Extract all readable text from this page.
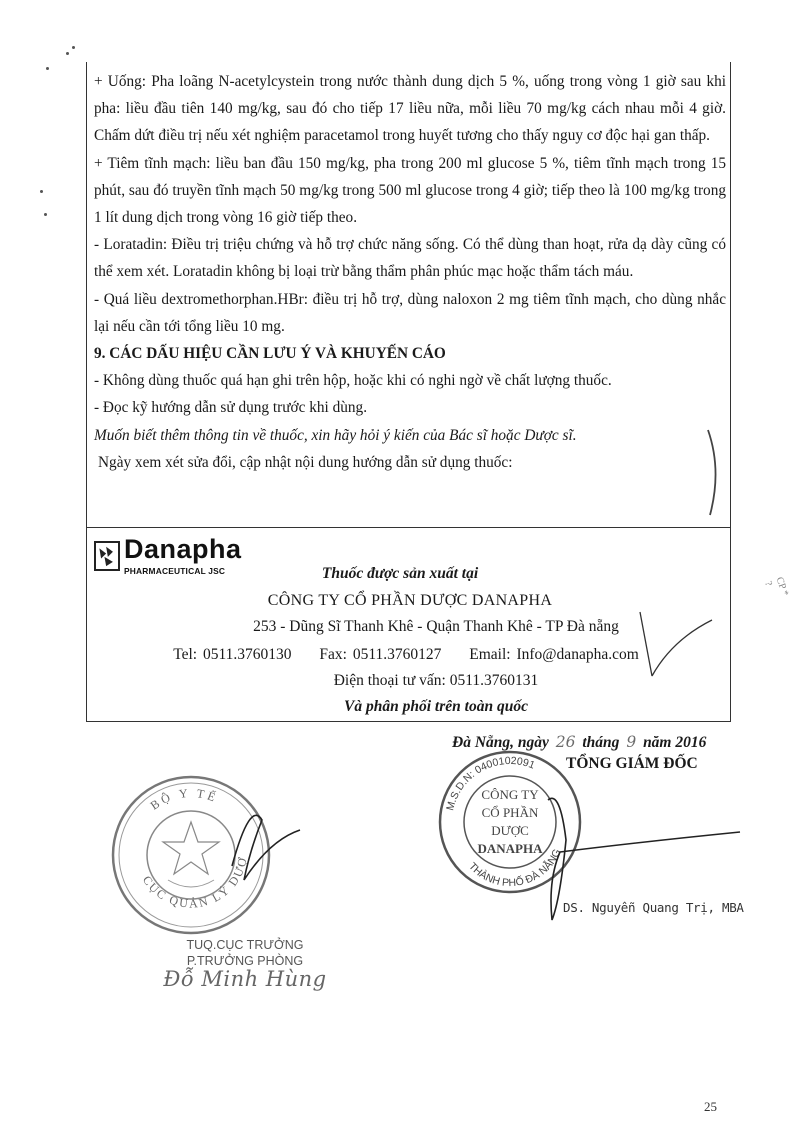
+ Uống: Pha loãng N-acetylcystein trong nước thành dung dịch 5 %, uống trong vòng 1 giờ sau khi pha: liều đầu tiên 140 mg/kg, sau đó cho tiếp 17 liều nữa, mỗi liều 70 mg/kg cách nhau mỗi 4 giờ. Chấm dứt điều trị nếu xét nghiệm paracetamol trong huyết tương cho thấy nguy cơ độc hại gan thấp.

+ Tiêm tĩnh mạch: liều ban đầu 150 mg/kg, pha trong 200 ml glucose 5 %, tiêm tĩnh mạch trong 15 phút, sau đó truyền tĩnh mạch 50 mg/kg trong 500 ml glucose trong 4 giờ; tiếp theo là 100 mg/kg trong 1 lít dung dịch trong vòng 16 giờ tiếp theo.

- Loratadin: Điều trị triệu chứng và hỗ trợ chức năng sống. Có thể dùng than hoạt, rửa dạ dày cũng có thể xem xét. Loratadin không bị loại trừ bằng thẩm phân phúc mạc hoặc thẩm tách máu.

- Quá liều dextromethorphan.HBr: điều trị hỗ trợ, dùng naloxon 2 mg tiêm tĩnh mạch, cho dùng nhắc lại nếu cần tới tổng liều 10 mg.

9. CÁC DẤU HIỆU CẦN LƯU Ý VÀ KHUYẾN CÁO

- Không dùng thuốc quá hạn ghi trên hộp, hoặc khi có nghi ngờ về chất lượng thuốc.

- Đọc kỹ hướng dẫn sử dụng trước khi dùng.

Muốn biết thêm thông tin về thuốc, xin hãy hỏi ý kiến của Bác sĩ hoặc Dược sĩ.

Ngày xem xét sửa đổi, cập nhật nội dung hướng dẫn sử dụng thuốc:

Danapha
PHARMACEUTICAL JSC	Thuốc được sản xuất tại
CÔNG TY CỔ PHẦN DƯỢC DANAPHA
253 - Dũng Sĩ Thanh Khê - Quận Thanh Khê - TP Đà nẵng
Tel: 0511.3760130 Fax: 0511.3760127 Email: Info@danapha.com
Điện thoại tư vấn: 0511.3760131
Và phân phối trên toàn quốc
Đà Nẵng, ngày 26 tháng 9 năm 2016
TỔNG GIÁM ĐỐC
BỘ Y TẾ
CỤC QUẢN LÝ DƯỢ
M.S.D.N: 0400102091
THÀNH PHỐ ĐÀ NẴNG
CÔNG TY
CỔ PHẦN
DƯỢC
DANAPHA
DS. Nguyễn Quang Trị, MBA
TUQ.CỤC TRƯỞNG
P.TRƯỞNG PHÒNG
Đỗ Minh Hùng
CP * ?
25
